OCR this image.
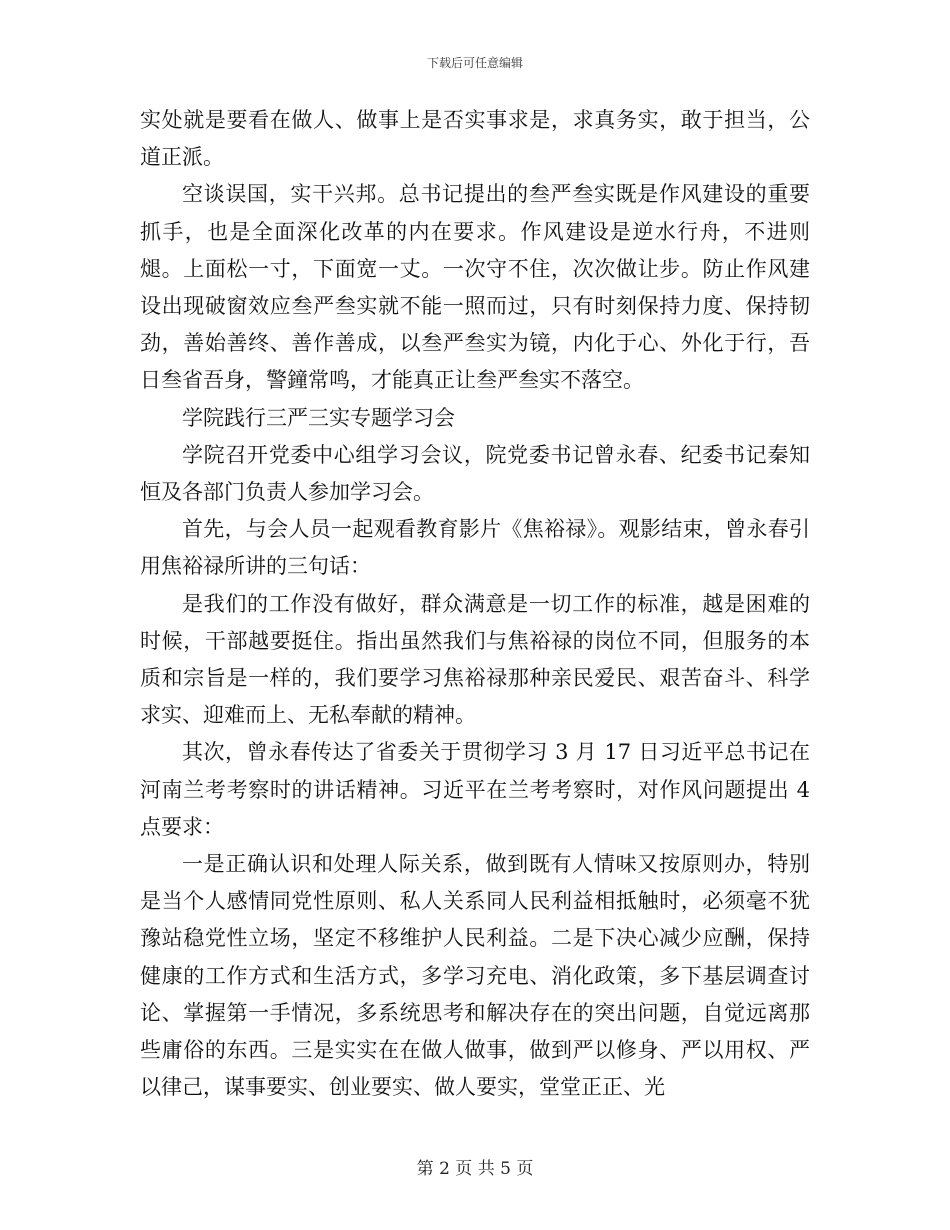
下载后可任意编辑

实处就是要看在做人、做事上是否实事求是，求真务实，敢于担当，公道正派。

空谈误国，实干兴邦。总书记提出的叁严叁实既是作风建设的重要抓手，也是全面深化改革的内在要求。作风建设是逆水行舟，不进则煺。上面松一寸，下面宽一丈。一次守不住，次次做让步。防止作风建设出现破窗效应叁严叁实就不能一照而过，只有时刻保持力度、保持韧劲，善始善终、善作善成，以叁严叁实为镜，内化于心、外化于行，吾日叁省吾身，警鐘常鸣，才能真正让叁严叁实不落空。

学院践行三严三实专题学习会

学院召开党委中心组学习会议，院党委书记曾永春、纪委书记秦知恒及各部门负责人参加学习会。

首先，与会人员一起观看教育影片《焦裕禄》。观影结束，曾永春引用焦裕禄所讲的三句话：

是我们的工作没有做好，群众满意是一切工作的标准，越是困难的时候，干部越要挺住。指出虽然我们与焦裕禄的岗位不同，但服务的本质和宗旨是一样的，我们要学习焦裕禄那种亲民爱民、艰苦奋斗、科学求实、迎难而上、无私奉献的精神。

其次，曾永春传达了省委关于贯彻学习 3 月 17 日习近平总书记在河南兰考考察时的讲话精神。习近平在兰考考察时，对作风问题提出 4 点要求：

一是正确认识和处理人际关系，做到既有人情味又按原则办，特别是当个人感情同党性原则、私人关系同人民利益相抵触时，必须毫不犹豫站稳党性立场，坚定不移维护人民利益。二是下决心减少应酬，保持健康的工作方式和生活方式，多学习充电、消化政策，多下基层调查讨论、掌握第一手情况，多系统思考和解决存在的突出问题，自觉远离那些庸俗的东西。三是实实在在做人做事，做到严以修身、严以用权、严以律己，谋事要实、创业要实、做人要实，堂堂正正、光

第 2 页 共 5 页
